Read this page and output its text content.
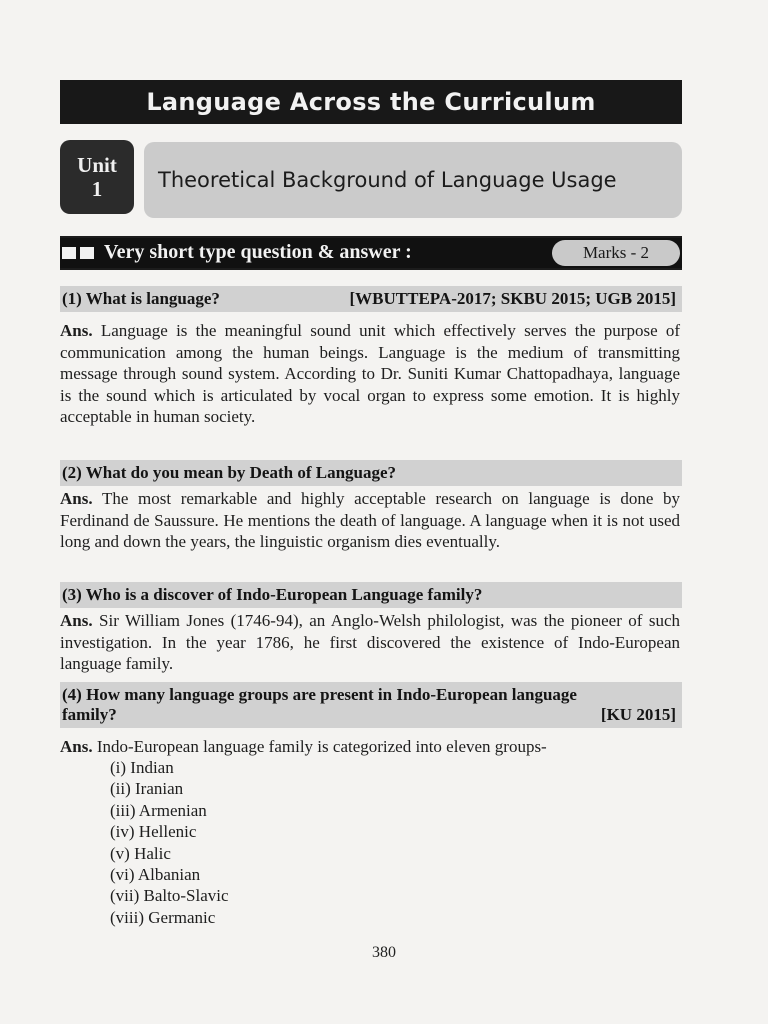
Language Across the Curriculum
Unit
1	Theoretical Background of Language Usage
Very short type question & answer :	Marks - 2
(1) What is language?	[WBUTTEPA-2017; SKBU 2015; UGB 2015]
Ans. Language is the meaningful sound unit which effectively serves the purpose of communication among the human beings. Language is the medium of transmitting message through sound system. According to Dr. Suniti Kumar Chattopadhaya, language is the sound which is articulated by vocal organ to express some emotion. It is highly acceptable in human society.
(2) What do you mean by Death of Language?
Ans. The most remarkable and highly acceptable research on language is done by Ferdinand de Saussure. He mentions the death of language. A language when it is not used long and down the years, the linguistic organism dies eventually.
(3) Who is a discover of Indo-European Language family?
Ans. Sir William Jones (1746-94), an Anglo-Welsh philologist, was the pioneer of such investigation. In the year 1786, he first discovered the existence of Indo-European language family.
(4) How many language groups are present in Indo-European language
family?	[KU 2015]
Ans. Indo-European language family is categorized into eleven groups-
(i) Indian
(ii) Iranian
(iii) Armenian
(iv) Hellenic
(v) Halic
(vi) Albanian
(vii) Balto-Slavic
(viii) Germanic
380
